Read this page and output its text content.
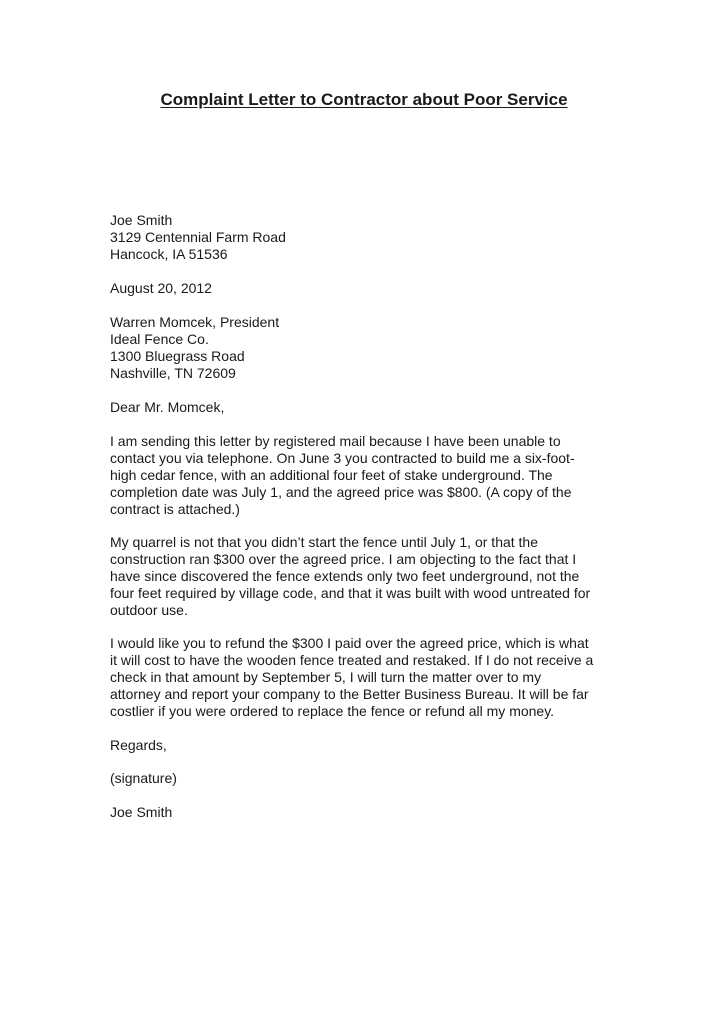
Complaint Letter to Contractor about Poor Service
Joe Smith
3129 Centennial Farm Road
Hancock, IA 51536
August 20, 2012
Warren Momcek, President
Ideal Fence Co.
1300 Bluegrass Road
Nashville, TN 72609
Dear Mr. Momcek,
I am sending this letter by registered mail because I have been unable to
contact you via telephone. On June 3 you contracted to build me a six-foot-
high cedar fence, with an additional four feet of stake underground. The
completion date was July 1, and the agreed price was $800. (A copy of the
contract is attached.)
My quarrel is not that you didn’t start the fence until July 1, or that the
construction ran $300 over the agreed price. I am objecting to the fact that I
have since discovered the fence extends only two feet underground, not the
four feet required by village code, and that it was built with wood untreated for
outdoor use.
I would like you to refund the $300 I paid over the agreed price, which is what
it will cost to have the wooden fence treated and restaked. If I do not receive a
check in that amount by September 5, I will turn the matter over to my
attorney and report your company to the Better Business Bureau. It will be far
costlier if you were ordered to replace the fence or refund all my money.
Regards,
(signature)
Joe Smith
